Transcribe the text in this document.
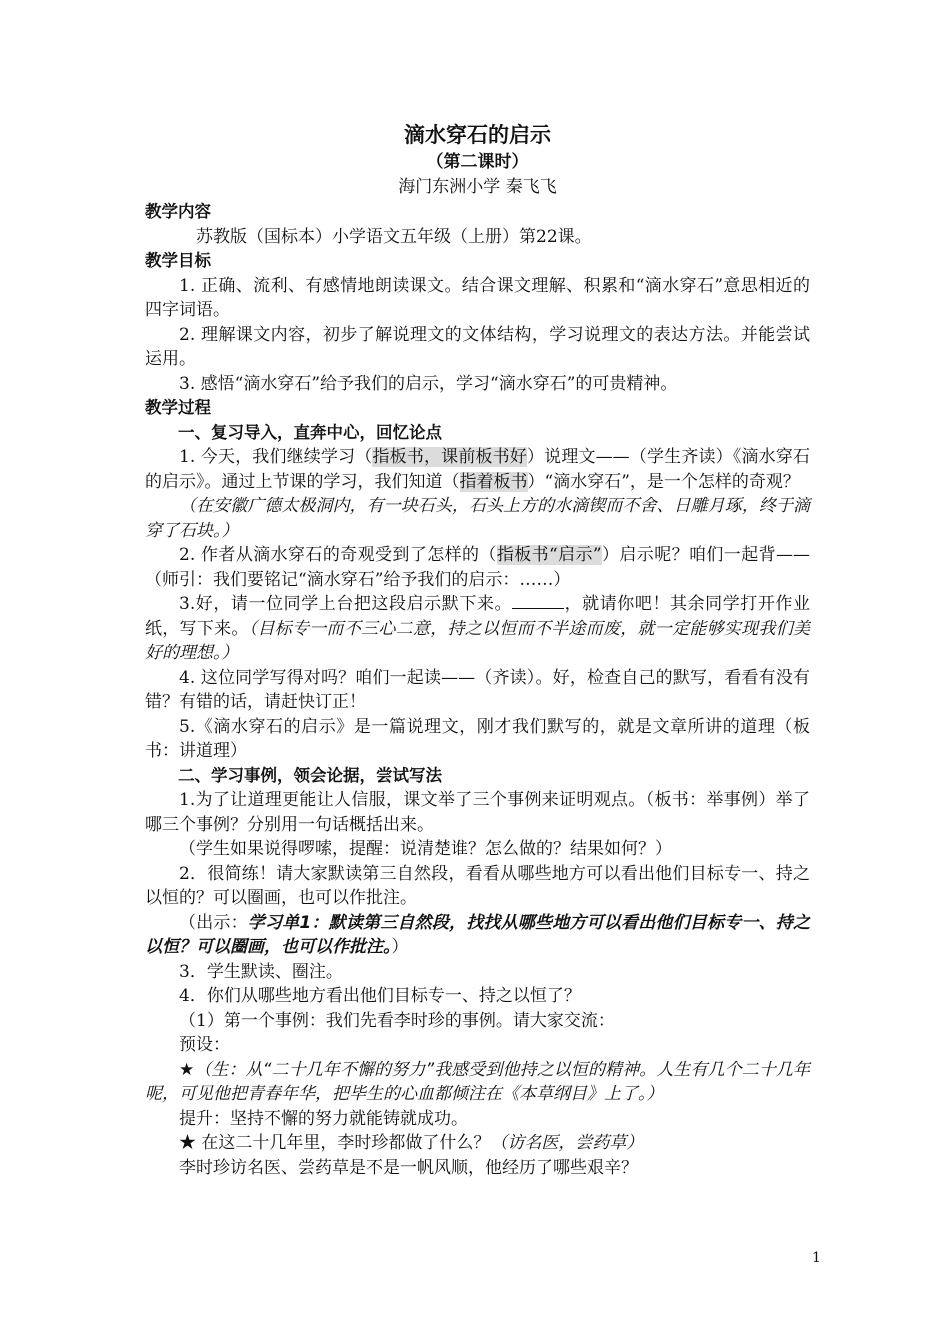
滴水穿石的启示

（第二课时）

海门东洲小学 秦飞飞

教学内容

苏教版（国标本）小学语文五年级（上册）第22课。

教学目标

1. 正确、流利、有感情地朗读课文。结合课文理解、积累和“滴水穿石”意思相近的四字词语。

2. 理解课文内容，初步了解说理文的文体结构，学习说理文的表达方法。并能尝试运用。

3. 感悟“滴水穿石”给予我们的启示，学习“滴水穿石”的可贵精神。

教学过程

一、复习导入，直奔中心，回忆论点

1. 今天，我们继续学习（指板书，课前板书好）说理文——（学生齐读）《滴水穿石的启示》。通过上节课的学习，我们知道（指着板书）“滴水穿石”，是一个怎样的奇观？

（在安徽广德太极洞内，有一块石头，石头上方的水滴锲而不舍、日雕月琢，终于滴穿了石块。）

2. 作者从滴水穿石的奇观受到了怎样的（指板书“启示”）启示呢？咱们一起背——（师引：我们要铭记“滴水穿石”给予我们的启示：……）

3.好，请一位同学上台把这段启示默下来。	，就请你吧！其余同学打开作业纸，写下来。（目标专一而不三心二意，持之以恒而不半途而废，就一定能够实现我们美好的理想。）

4. 这位同学写得对吗？咱们一起读——（齐读）。好，检查自己的默写，看看有没有错？有错的话，请赶快订正！

5.《滴水穿石的启示》是一篇说理文，刚才我们默写的，就是文章所讲的道理（板书：讲道理）

二、学习事例，领会论据，尝试写法

1.为了让道理更能让人信服，课文举了三个事例来证明观点。（板书：举事例）举了哪三个事例？分别用一句话概括出来。

（学生如果说得啰嗦，提醒：说清楚谁？怎么做的？结果如何？）

2．很简练！请大家默读第三自然段，看看从哪些地方可以看出他们目标专一、持之以恒的？可以圈画，也可以作批注。

（出示：学习单1：默读第三自然段，找找从哪些地方可以看出他们目标专一、持之以恒？可以圈画，也可以作批注。）

3．学生默读、圈注。

4．你们从哪些地方看出他们目标专一、持之以恒了？

（1）第一个事例：我们先看李时珍的事例。请大家交流：

预设：

★（生：从“二十几年不懈的努力”我感受到他持之以恒的精神。人生有几个二十几年呢，可见他把青春年华，把毕生的心血都倾注在《本草纲目》上了。）

提升：坚持不懈的努力就能铸就成功。

★ 在这二十几年里，李时珍都做了什么？（访名医，尝药草）

李时珍访名医、尝药草是不是一帆风顺，他经历了哪些艰辛？

1
